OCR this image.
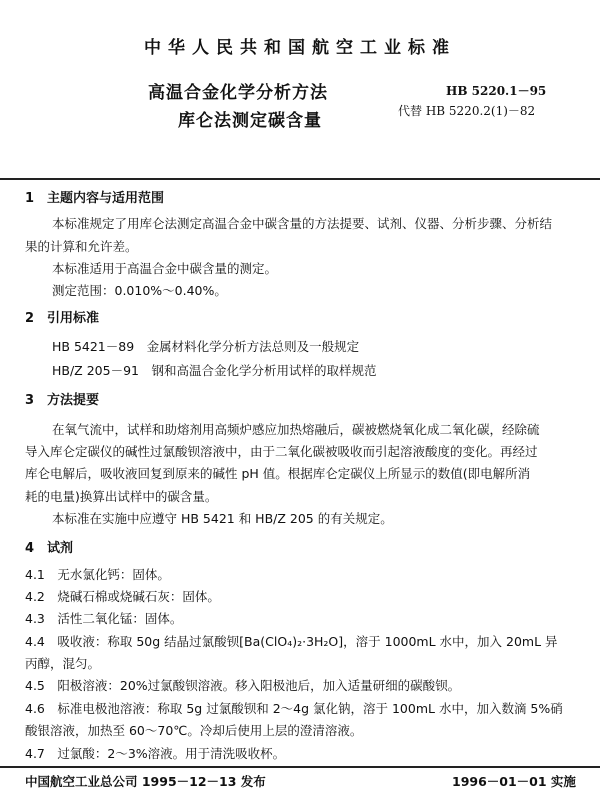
中华人民共和国航空工业标准
高温合金化学分析方法
库仑法测定碳含量
HB 5220.1－95
代替 HB 5220.2(1)－82
1　主题内容与适用范围
本标准规定了用库仑法测定高温合金中碳含量的方法提要、试剂、仪器、分析步骤、分析结
果的计算和允许差。
本标准适用于高温合金中碳含量的测定。
测定范围：0.010%～0.40%。
2　引用标准
HB 5421－89　金属材料化学分析方法总则及一般规定
HB/Z 205－91　钢和高温合金化学分析用试样的取样规范
3　方法提要
在氧气流中，试样和助熔剂用高频炉感应加热熔融后，碳被燃烧氧化成二氧化碳，经除硫
导入库仑定碳仪的碱性过氯酸钡溶液中，由于二氧化碳被吸收而引起溶液酸度的变化。再经过
库仑电解后，吸收液回复到原来的碱性 pH 值。根据库仑定碳仪上所显示的数值(即电解所消
耗的电量)换算出试样中的碳含量。
本标准在实施中应遵守 HB 5421 和 HB/Z 205 的有关规定。
4　试剂
4.1　无水氯化钙：固体。
4.2　烧碱石棉或烧碱石灰：固体。
4.3　活性二氧化锰：固体。
4.4　吸收液：称取 50g 结晶过氯酸钡[Ba(ClO₄)₂·3H₂O]，溶于 1000mL 水中，加入 20mL 异
丙醇，混匀。
4.5　阳极溶液：20%过氯酸钡溶液。移入阳极池后，加入适量研细的碳酸钡。
4.6　标准电极池溶液：称取 5g 过氯酸钡和 2～4g 氯化钠，溶于 100mL 水中，加入数滴 5%硝
酸银溶液，加热至 60～70℃。冷却后使用上层的澄清溶液。
4.7　过氯酸：2～3%溶液。用于清洗吸收杯。
中国航空工业总公司 1995－12－13 发布	1996－01－01 实施
